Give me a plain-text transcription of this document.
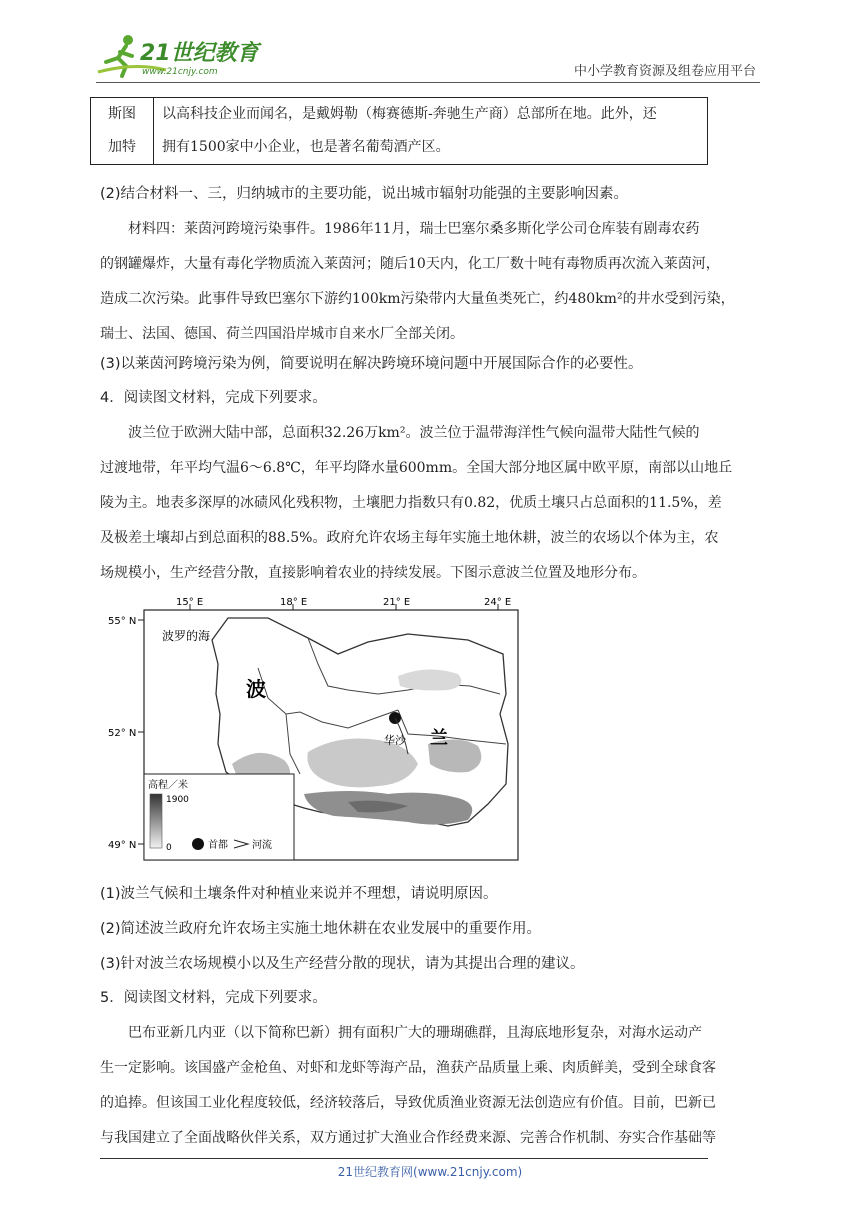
21世纪教育
www.21cnjy.com	中小学教育资源及组卷应用平台
斯图
加特

以高科技企业而闻名，是戴姆勒（梅赛德斯-奔驰生产商）总部所在地。此外，还
拥有1500家中小企业，也是著名葡萄酒产区。
(2)结合材料一、三，归纳城市的主要功能，说出城市辐射功能强的主要影响因素。
材料四：莱茵河跨境污染事件。1986年11月，瑞士巴塞尔桑多斯化学公司仓库装有剧毒农药
的钢罐爆炸，大量有毒化学物质流入莱茵河；随后10天内，化工厂数十吨有毒物质再次流入莱茵河，
造成二次污染。此事件导致巴塞尔下游约100km污染带内大量鱼类死亡，约480km²的井水受到污染，
瑞士、法国、德国、荷兰四国沿岸城市自来水厂全部关闭。
(3)以莱茵河跨境污染为例，简要说明在解决跨境环境问题中开展国际合作的必要性。
4．阅读图文材料，完成下列要求。
波兰位于欧洲大陆中部，总面积32.26万km²。波兰位于温带海洋性气候向温带大陆性气候的
过渡地带，年平均气温6～6.8℃，年平均降水量600mm。全国大部分地区属中欧平原，南部以山地丘
陵为主。地表多深厚的冰碛风化残积物，土壤肥力指数只有0.82，优质土壤只占总面积的11.5%，差
及极差土壤却占到总面积的88.5%。政府允许农场主每年实施土地休耕，波兰的农场以个体为主，农
场规模小，生产经营分散，直接影响着农业的持续发展。下图示意波兰位置及地形分布。
15° E	18° E	21° E	24° E
55° N
52° N
49° N
波罗的海
波
兰
华沙
高程／米
1900
0	首都 河流
(1)波兰气候和土壤条件对种植业来说并不理想，请说明原因。
(2)简述波兰政府允许农场主实施土地休耕在农业发展中的重要作用。
(3)针对波兰农场规模小以及生产经营分散的现状，请为其提出合理的建议。
5．阅读图文材料，完成下列要求。
巴布亚新几内亚（以下简称巴新）拥有面积广大的珊瑚礁群，且海底地形复杂，对海水运动产
生一定影响。该国盛产金枪鱼、对虾和龙虾等海产品，渔获产品质量上乘、肉质鲜美，受到全球食客
的追捧。但该国工业化程度较低，经济较落后，导致优质渔业资源无法创造应有价值。目前，巴新已
与我国建立了全面战略伙伴关系，双方通过扩大渔业合作经费来源、完善合作机制、夯实合作基础等
21世纪教育网(www.21cnjy.com)
